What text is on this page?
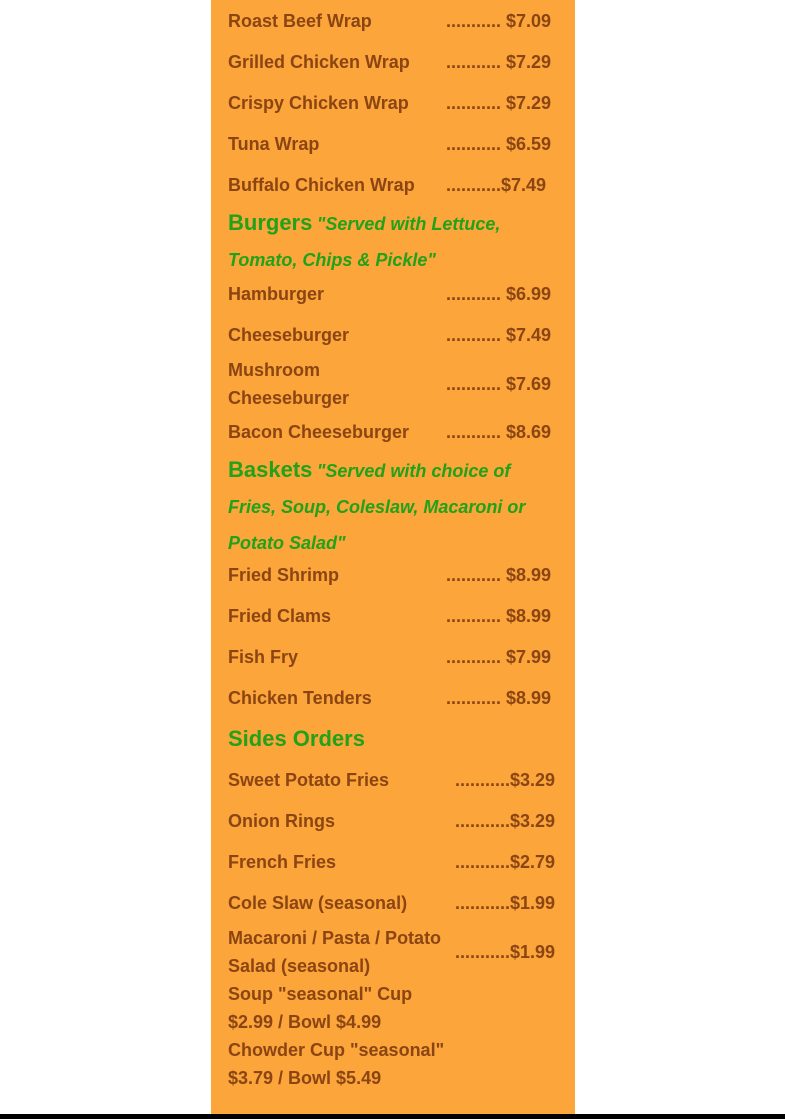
Roast Beef Wrap	........... $7.09
Grilled Chicken Wrap ........... $7.29
Crispy Chicken Wrap ........... $7.29
Tuna Wrap	........... $6.59
Buffalo Chicken Wrap ...........$7.49
Burgers "Served with Lettuce, Tomato, Chips & Pickle"
Hamburger	........... $6.99
Cheeseburger	........... $7.49
Mushroom Cheeseburger
........... $7.69
Bacon Cheeseburger ........... $8.69
Baskets "Served with choice of Fries, Soup, Coleslaw, Macaroni or Potato Salad"
Fried Shrimp	........... $8.99
Fried Clams	........... $8.99
Fish Fry	........... $7.99
Chicken Tenders	........... $8.99
Sides Orders
Sweet Potato Fries	...........$3.29
Onion Rings	...........$3.29
French Fries	...........$2.79
Cole Slaw (seasonal)	...........$1.99
Macaroni / Pasta / Potato Salad (seasonal)
...........$1.99
Soup "seasonal" Cup $2.99 / Bowl $4.99
Chowder Cup "seasonal" $3.79 / Bowl $5.49
